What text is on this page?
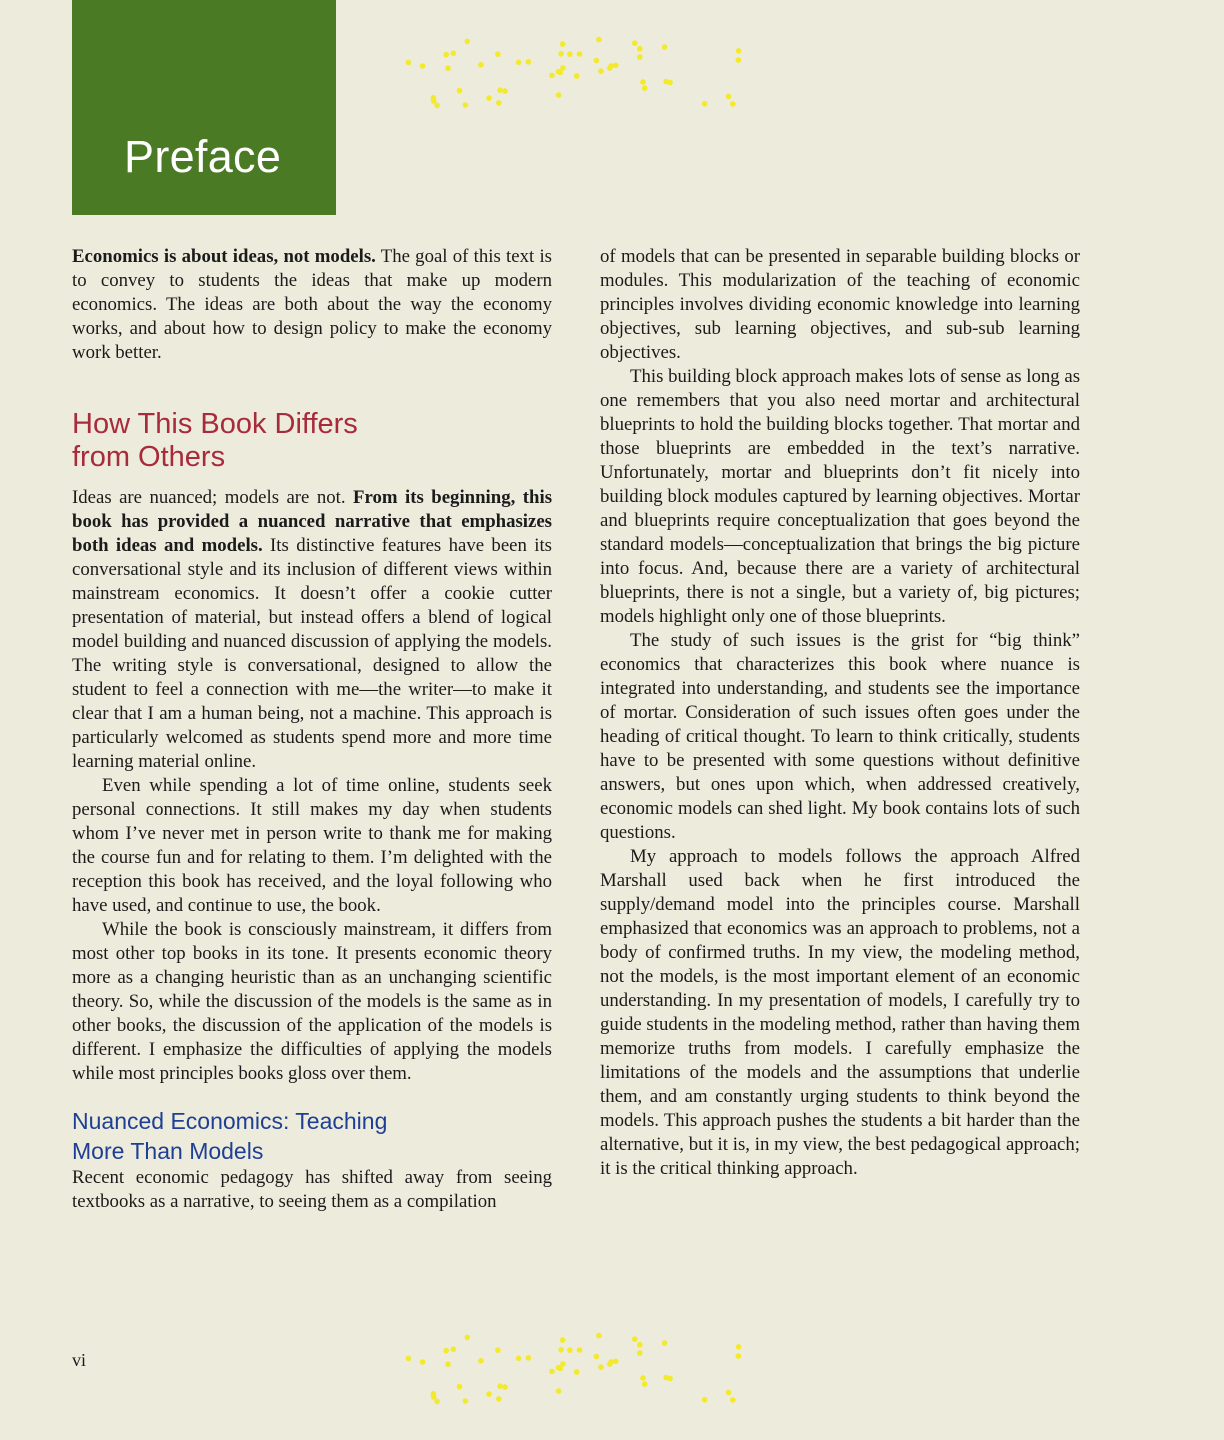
Preface

Economics is about ideas, not models. The goal of this text is to convey to students the ideas that make up modern economics. The ideas are both about the way the economy works, and about how to design policy to make the economy work better.

How This Book Differs
from Others

Ideas are nuanced; models are not. From its beginning, this book has provided a nuanced narrative that emphasizes both ideas and models. Its distinctive features have been its conversational style and its inclusion of different views within mainstream economics. It doesn’t offer a cookie cutter presentation of material, but instead offers a blend of logical model building and nuanced discussion of applying the models. The writing style is conversational, designed to allow the student to feel a connection with me—the writer—to make it clear that I am a human being, not a machine. This approach is particularly welcomed as students spend more and more time learning material online.

Even while spending a lot of time online, students seek personal connections. It still makes my day when students whom I’ve never met in person write to thank me for making the course fun and for relating to them. I’m delighted with the reception this book has received, and the loyal following who have used, and continue to use, the book.

While the book is consciously mainstream, it differs from most other top books in its tone. It presents economic theory more as a changing heuristic than as an unchanging scientific theory. So, while the discussion of the models is the same as in other books, the discussion of the application of the models is different. I emphasize the difficulties of applying the models while most principles books gloss over them.

Nuanced Economics: Teaching
More Than Models

Recent economic pedagogy has shifted away from seeing textbooks as a narrative, to seeing them as a compilation

of models that can be presented in separable building blocks or modules. This modularization of the teaching of economic principles involves dividing economic knowledge into learning objectives, sub learning objectives, and sub-sub learning objectives.

This building block approach makes lots of sense as long as one remembers that you also need mortar and architectural blueprints to hold the building blocks together. That mortar and those blueprints are embedded in the text’s narrative. Unfortunately, mortar and blueprints don’t fit nicely into building block modules captured by learning objectives. Mortar and blueprints require conceptualization that goes beyond the standard models—conceptualization that brings the big picture into focus. And, because there are a variety of architectural blueprints, there is not a single, but a variety of, big pictures; models highlight only one of those blueprints.

The study of such issues is the grist for “big think” economics that characterizes this book where nuance is integrated into understanding, and students see the importance of mortar. Consideration of such issues often goes under the heading of critical thought. To learn to think critically, students have to be presented with some questions without definitive answers, but ones upon which, when addressed creatively, economic models can shed light. My book contains lots of such questions.

My approach to models follows the approach Alfred Marshall used back when he first introduced the supply/demand model into the principles course. Marshall emphasized that economics was an approach to problems, not a body of confirmed truths. In my view, the modeling method, not the models, is the most important element of an economic understanding. In my presentation of models, I carefully try to guide students in the modeling method, rather than having them memorize truths from models. I carefully emphasize the limitations of the models and the assumptions that underlie them, and am constantly urging students to think beyond the models. This approach pushes the students a bit harder than the alternative, but it is, in my view, the best pedagogical approach; it is the critical thinking approach.

vi
